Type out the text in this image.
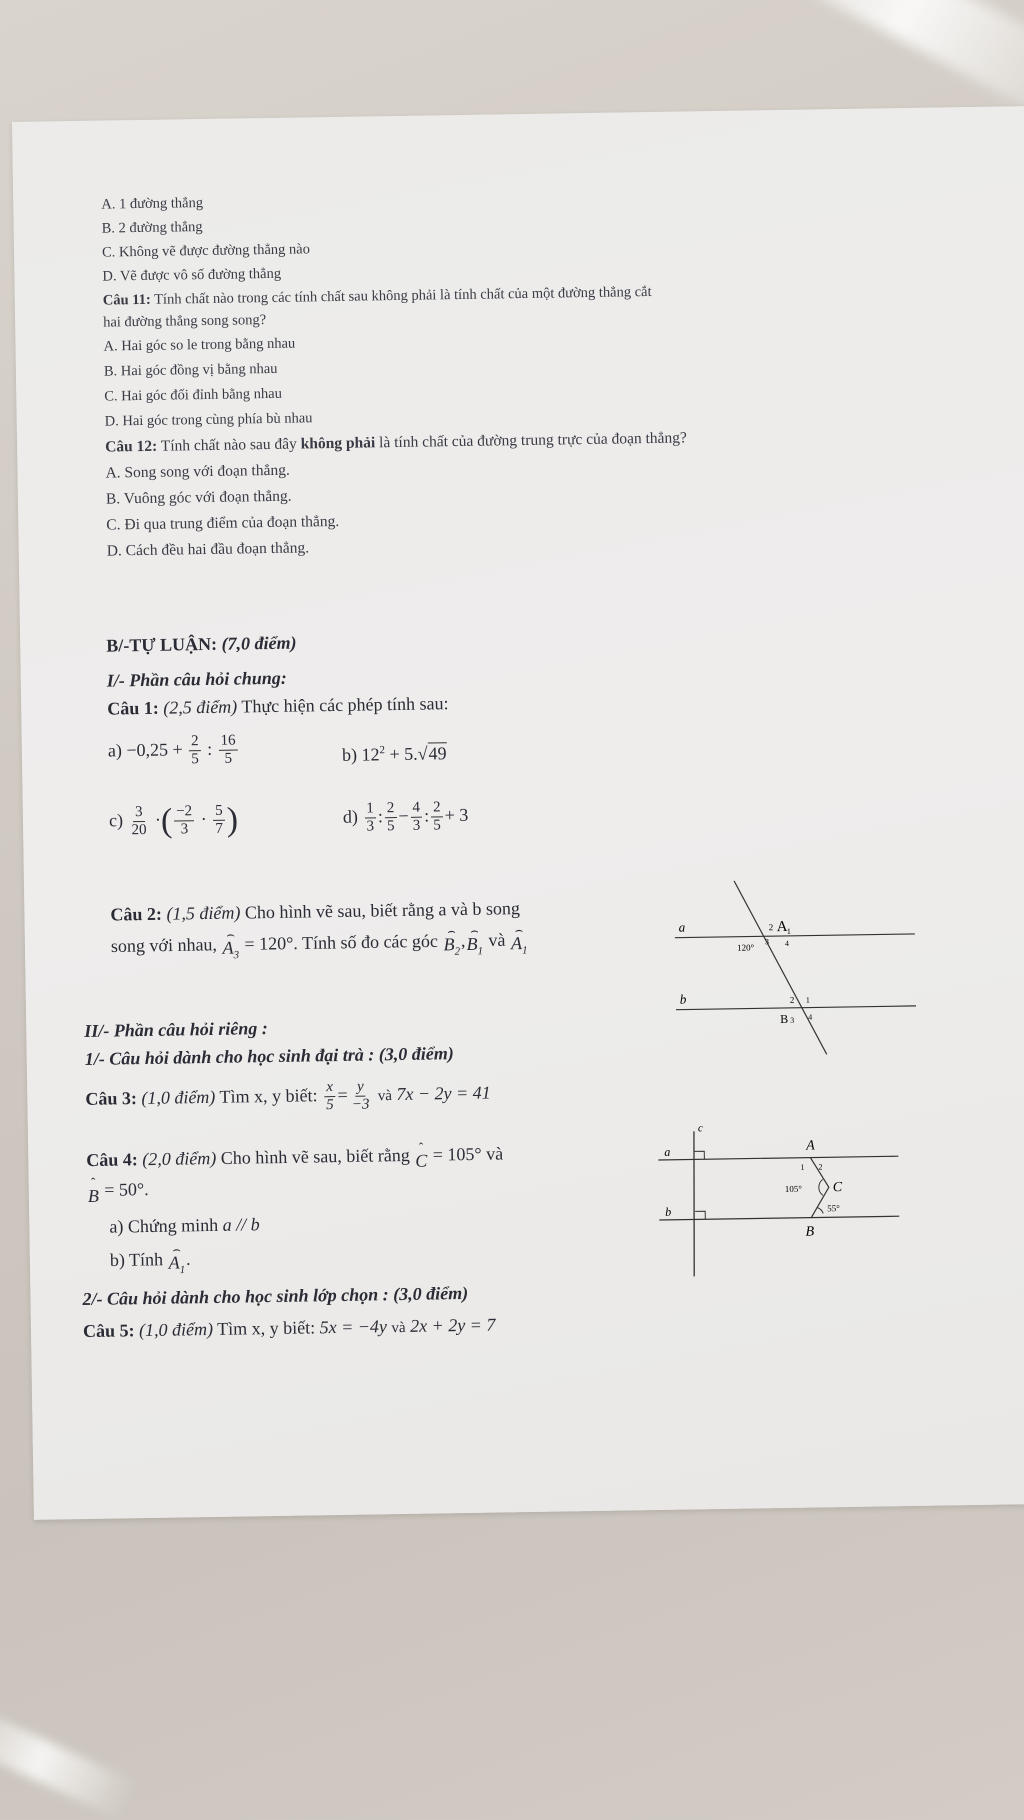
A. 1 đường thẳng
B. 2 đường thẳng
C. Không vẽ được đường thẳng nào
D. Vẽ được vô số đường thẳng
Câu 11: Tính chất nào trong các tính chất sau không phải là tính chất của một đường thẳng cắt
hai đường thẳng song song?
A. Hai góc so le trong bằng nhau
B. Hai góc đồng vị bằng nhau
C. Hai góc đối đỉnh bằng nhau
D. Hai góc trong cùng phía bù nhau
Câu 12: Tính chất nào sau đây không phải là tính chất của đường trung trực của đoạn thẳng?
A. Song song với đoạn thẳng.
B. Vuông góc với đoạn thẳng.
C. Đi qua trung điểm của đoạn thẳng.
D. Cách đều hai đầu đoạn thẳng.
B/-TỰ LUẬN: (7,0 điểm)
I/- Phần câu hỏi chung:
Câu 1: (2,5 điểm) Thực hiện các phép tính sau:
$a) -0,25 + \frac{2}{5}$ : $\frac{16}{5}$	b) $12^2 + 5.√49$
$c) \frac{3}{20}$ ·( $\frac{-2}{3} \cdot \frac{5}{7}$ )	$d) \frac{1}{3}$ : $\frac{2}{5} - \frac{4}{3}$ : $\frac{2}{5} + 3$
Câu 2: (1,5 điểm) Cho hình vẽ sau, biết rằng a và b song
song với nhau,
⌢
$A_3$
= 120°. Tính số đo các góc
⌢
$B_2$
,
⌢
$B_1$
và
⌢
$A_1$
a
b
2 A 1
3 4
120°
2 1
B 3 4
II/- Phần câu hỏi riêng :
1/- Câu hỏi dành cho học sinh đại trà : (3,0 điểm)
Câu 3: (1,0 điểm) Tìm x, y biết: $\frac{x}{5} = \frac{y}{-3}$ và 7x − 2y = 41
Câu 4: (2,0 điểm) Cho hình vẽ sau, biết rằng ˆ
C = 105° và
ˆ
B = 50°.
a) Chứng minh a // b
b) Tính
⌢
$A_1$
.
c
a
b
A
1 2
105° C
55°
B
2/- Câu hỏi dành cho học sinh lớp chọn : (3,0 điểm)
Câu 5: (1,0 điểm) Tìm x, y biết: 5x = −4y và 2x + 2y = 7
